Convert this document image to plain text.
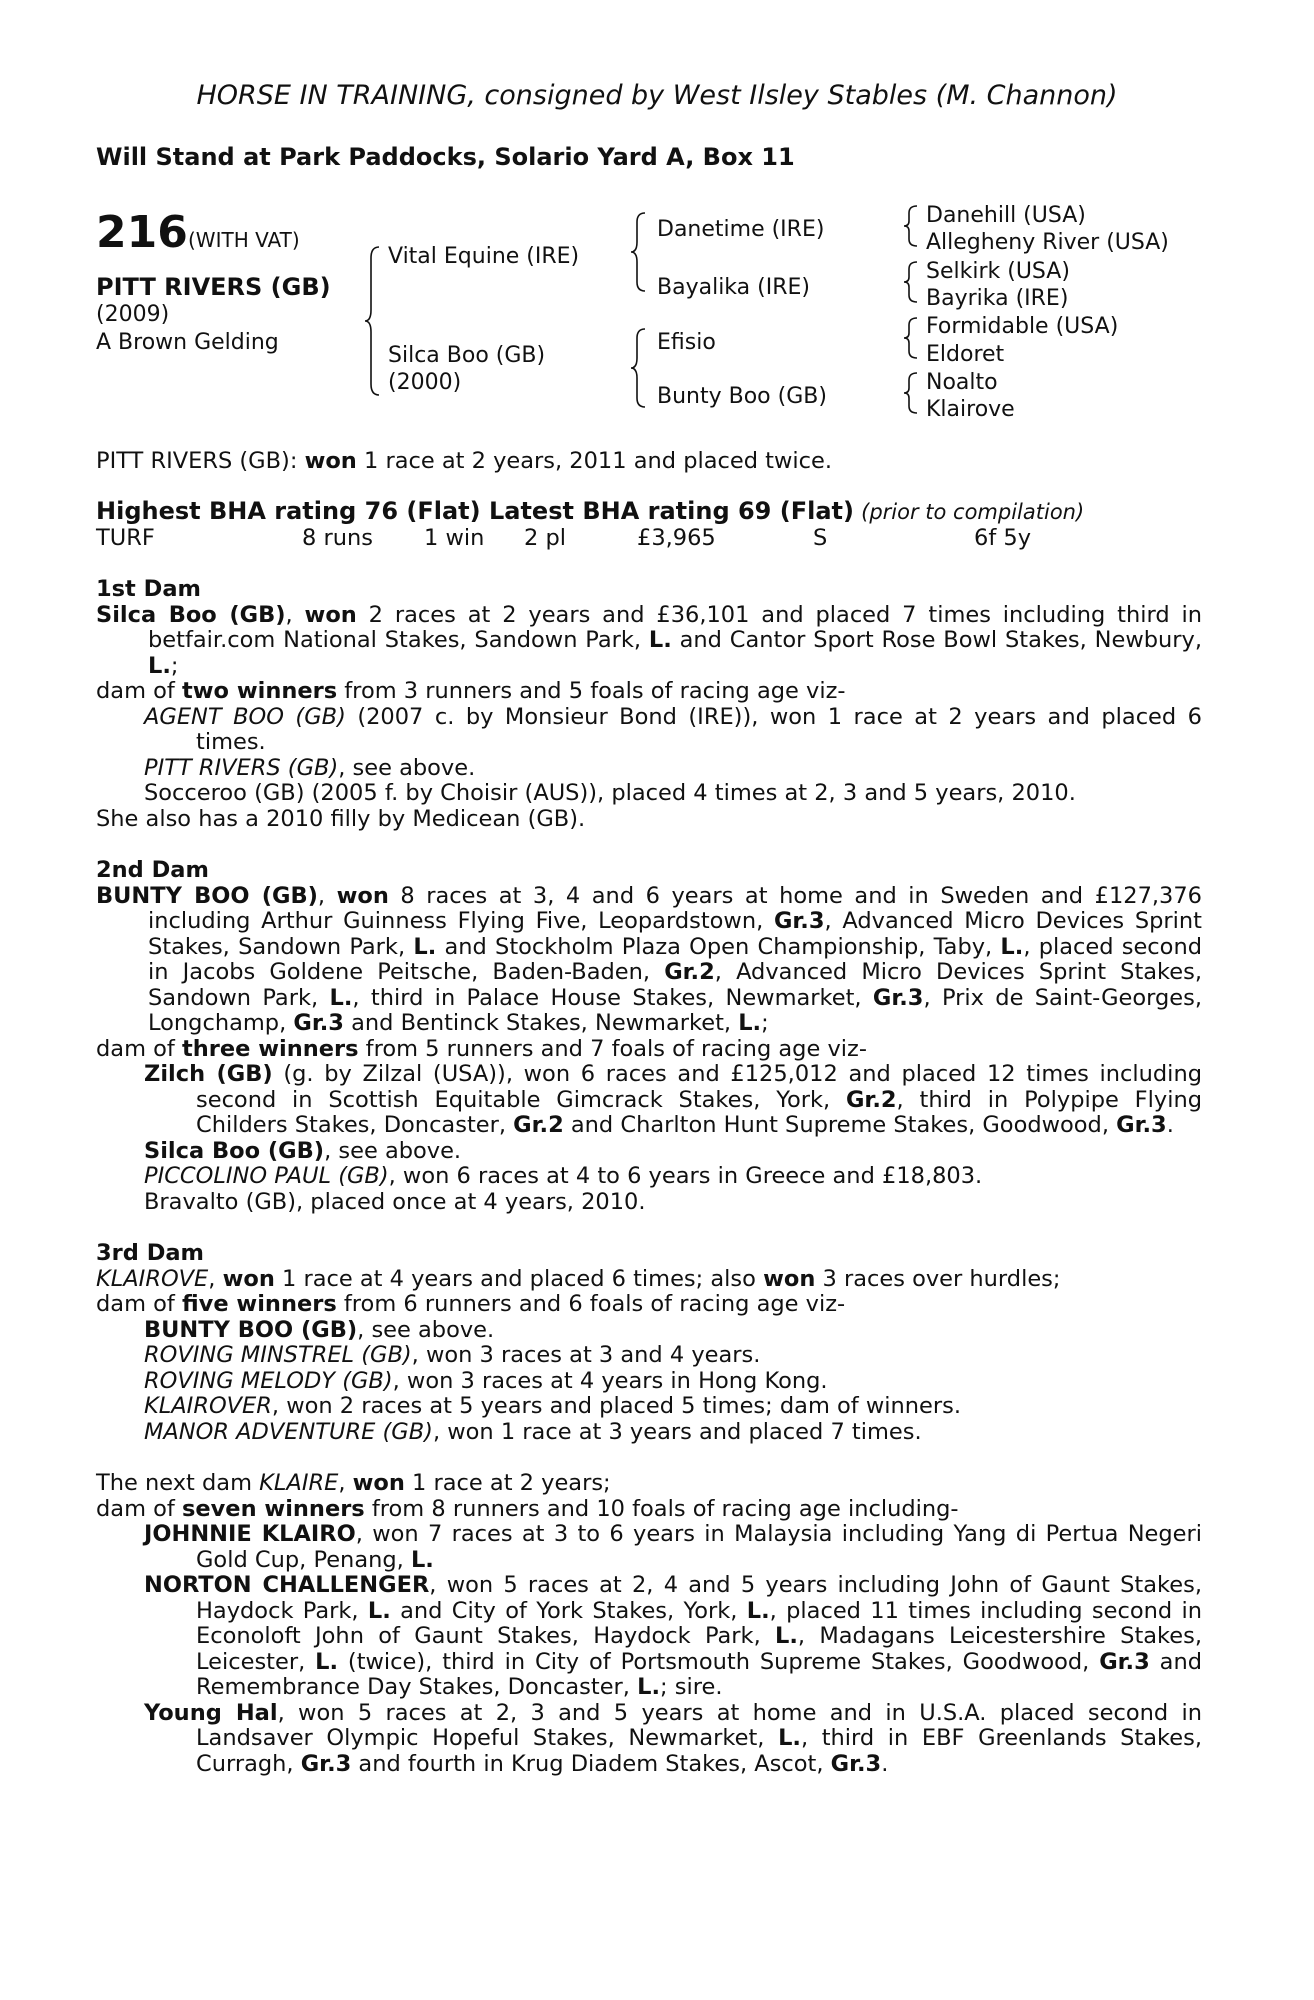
HORSE IN TRAINING, consigned by West Ilsley Stables (M. Channon)
Will Stand at Park Paddocks, Solario Yard A, Box 11
216 (WITH VAT)
PITT RIVERS (GB)
(2009)
A Brown Gelding
Vital Equine (IRE)
Silca Boo (GB)
(2000)
Danetime (IRE)
Bayalika (IRE)
Efisio
Bunty Boo (GB)
Danehill (USA)
Allegheny River (USA)
Selkirk (USA)
Bayrika (IRE)
Formidable (USA)
Eldoret
Noalto
Klairove

PITT RIVERS (GB): won 1 race at 2 years, 2011 and placed twice.

Highest BHA rating 76 (Flat) Latest BHA rating 69 (Flat) (prior to compilation)

TURF	8 runs 1 win 2 pl	£3,965	S	6f 5y

1st Dam

Silca Boo (GB), won 2 races at 2 years and £36,101 and placed 7 times including third in betfair.com National Stakes, Sandown Park, L. and Cantor Sport Rose Bowl Stakes, Newbury, L.;

dam of two winners from 3 runners and 5 foals of racing age viz-

AGENT BOO (GB) (2007 c. by Monsieur Bond (IRE)), won 1 race at 2 years and placed 6 times.

PITT RIVERS (GB), see above.

Socceroo (GB) (2005 f. by Choisir (AUS)), placed 4 times at 2, 3 and 5 years, 2010.

She also has a 2010 filly by Medicean (GB).

2nd Dam

BUNTY BOO (GB), won 8 races at 3, 4 and 6 years at home and in Sweden and £127,376 including Arthur Guinness Flying Five, Leopardstown, Gr.3, Advanced Micro Devices Sprint Stakes, Sandown Park, L. and Stockholm Plaza Open Championship, Taby, L., placed second in Jacobs Goldene Peitsche, Baden-Baden, Gr.2, Advanced Micro Devices Sprint Stakes, Sandown Park, L., third in Palace House Stakes, Newmarket, Gr.3, Prix de Saint-Georges, Longchamp, Gr.3 and Bentinck Stakes, Newmarket, L.;

dam of three winners from 5 runners and 7 foals of racing age viz-

Zilch (GB) (g. by Zilzal (USA)), won 6 races and £125,012 and placed 12 times including second in Scottish Equitable Gimcrack Stakes, York, Gr.2, third in Polypipe Flying Childers Stakes, Doncaster, Gr.2 and Charlton Hunt Supreme Stakes, Goodwood, Gr.3.

Silca Boo (GB), see above.

PICCOLINO PAUL (GB), won 6 races at 4 to 6 years in Greece and £18,803.

Bravalto (GB), placed once at 4 years, 2010.

3rd Dam

KLAIROVE, won 1 race at 4 years and placed 6 times; also won 3 races over hurdles;

dam of five winners from 6 runners and 6 foals of racing age viz-

BUNTY BOO (GB), see above.

ROVING MINSTREL (GB), won 3 races at 3 and 4 years.

ROVING MELODY (GB), won 3 races at 4 years in Hong Kong.

KLAIROVER, won 2 races at 5 years and placed 5 times; dam of winners.

MANOR ADVENTURE (GB), won 1 race at 3 years and placed 7 times.

The next dam KLAIRE, won 1 race at 2 years;

dam of seven winners from 8 runners and 10 foals of racing age including-

JOHNNIE KLAIRO, won 7 races at 3 to 6 years in Malaysia including Yang di Pertua Negeri Gold Cup, Penang, L.

NORTON CHALLENGER, won 5 races at 2, 4 and 5 years including John of Gaunt Stakes, Haydock Park, L. and City of York Stakes, York, L., placed 11 times including second in Econoloft John of Gaunt Stakes, Haydock Park, L., Madagans Leicestershire Stakes, Leicester, L. (twice), third in City of Portsmouth Supreme Stakes, Goodwood, Gr.3 and Remembrance Day Stakes, Doncaster, L.; sire.

Young Hal, won 5 races at 2, 3 and 5 years at home and in U.S.A. placed second in Landsaver Olympic Hopeful Stakes, Newmarket, L., third in EBF Greenlands Stakes, Curragh, Gr.3 and fourth in Krug Diadem Stakes, Ascot, Gr.3.
